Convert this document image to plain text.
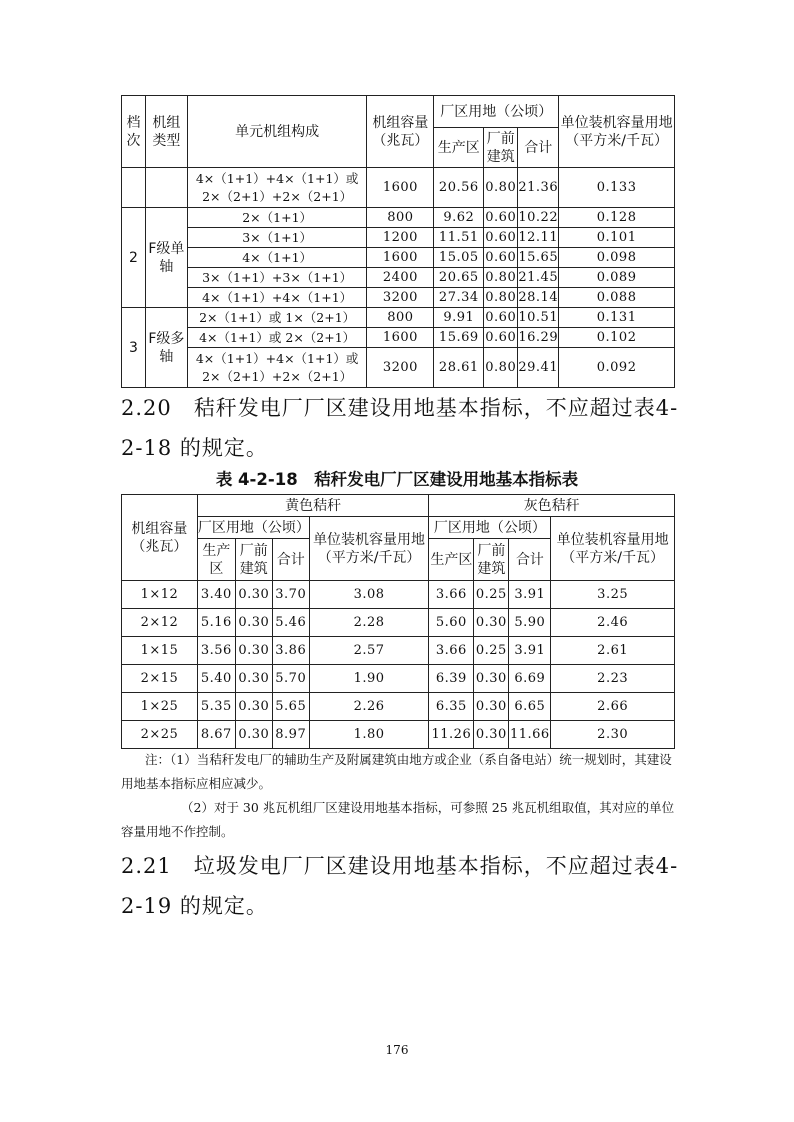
档次	机组类型	单元机组构成	机组容量（兆瓦）	厂区用地（公顷）			单位装机容量用地（平方米/千瓦）
				生产区	厂前建筑	合计	
		4×（1+1）+4×（1+1）或 2×（2+1）+2×（2+1）	1600	20.56	0.80	21.36	0.133
2	F级单轴	2×（1+1）	800	9.62	0.60	10.22	0.128
		3×（1+1）	1200	11.51	0.60	12.11	0.101
		4×（1+1）	1600	15.05	0.60	15.65	0.098
		3×（1+1）+3×（1+1）	2400	20.65	0.80	21.45	0.089
		4×（1+1）+4×（1+1）	3200	27.34	0.80	28.14	0.088
3	F级多轴	2×（1+1）或 1×（2+1）	800	9.91	0.60	10.51	0.131
		4×（1+1）或 2×（2+1）	1600	15.69	0.60	16.29	0.102
		4×（1+1）+4×（1+1）或 2×（2+1）+2×（2+1）	3200	28.61	0.80	29.41	0.092

2.20　秸秆发电厂厂区建设用地基本指标，不应超过表4-2-18 的规定。

表 4-2-18　秸秆发电厂厂区建设用地基本指标表

机组容量（兆瓦）	黄色秸秆				灰色秸秆			
	厂区用地（公顷）			单位装机容量用地（平方米/千瓦）	厂区用地（公顷）			单位装机容量用地（平方米/千瓦）
	生产区	厂前建筑	合计		生产区	厂前建筑	合计	
1×12	3.40	0.30	3.70	3.08	3.66	0.25	3.91	3.25
2×12	5.16	0.30	5.46	2.28	5.60	0.30	5.90	2.46
1×15	3.56	0.30	3.86	2.57	3.66	0.25	3.91	2.61
2×15	5.40	0.30	5.70	1.90	6.39	0.30	6.69	2.23
1×25	5.35	0.30	5.65	2.26	6.35	0.30	6.65	2.66
2×25	8.67	0.30	8.97	1.80	11.26	0.30	11.66	2.30

注：（1）当秸秆发电厂的辅助生产及附属建筑由地方或企业（系自备电站）统一规划时，其建设用地基本指标应相应减少。

（2）对于 30 兆瓦机组厂区建设用地基本指标，可参照 25 兆瓦机组取值，其对应的单位容量用地不作控制。

2.21　垃圾发电厂厂区建设用地基本指标，不应超过表4-2-19 的规定。

176
